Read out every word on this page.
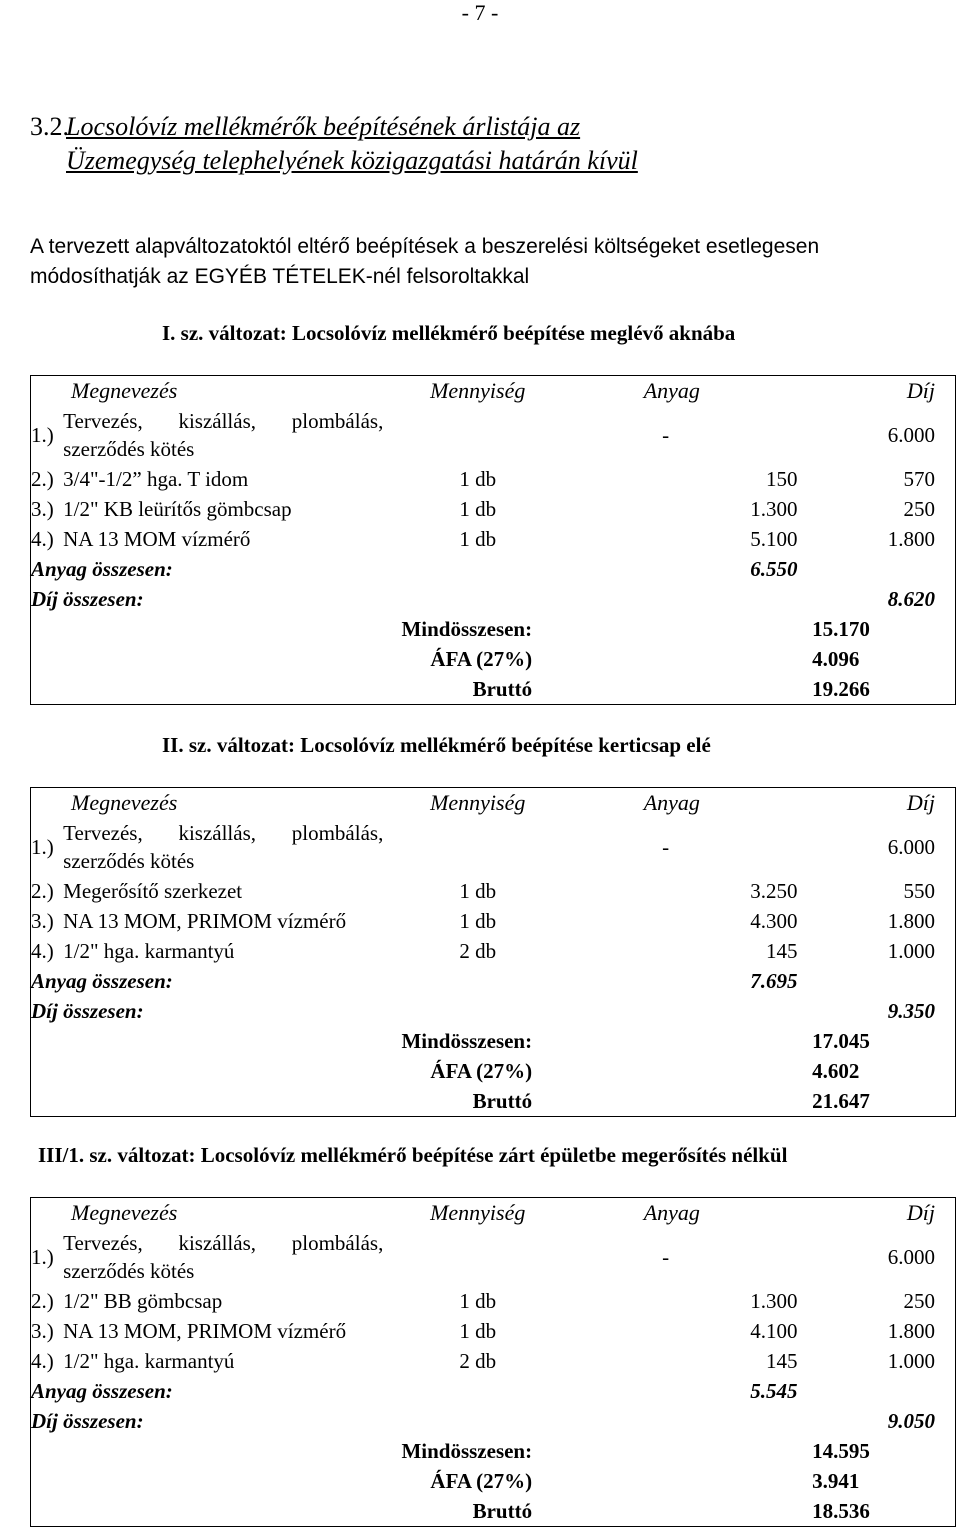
- 7 -
3.2.Locsolóvíz mellékmérők beépítésének árlistája az
Üzemegység telephelyének közigazgatási határán kívül
A tervezett alapváltozatoktól eltérő beépítések a beszerelési költségeket esetlegesen módosíthatják az EGYÉB TÉTELEK-nél felsoroltakkal
I. sz. változat: Locsolóvíz mellékmérő beépítése meglévő aknába
Megnevezés		Mennyiség	Anyag	Díj
1.)	Tervezés, kiszállás, plombálás,
szerződés kötés		-	6.000
2.)	3/4"-1/2” hga. T idom	1 db	150	570
3.)	1/2" KB leürítős gömbcsap	1 db	1.300	250
4.)	NA 13 MOM vízmérő	1 db	5.100	1.800
Anyag összesen:			6.550	
Díj összesen:				8.620
Mindösszesen:			15.170	
ÁFA (27%)			4.096	
Bruttó			19.266	
II. sz. változat: Locsolóvíz mellékmérő beépítése kerticsap elé
Megnevezés		Mennyiség	Anyag	Díj
1.)	Tervezés, kiszállás, plombálás,
szerződés kötés		-	6.000
2.)	Megerősítő szerkezet	1 db	3.250	550
3.)	NA 13 MOM, PRIMOM vízmérő	1 db	4.300	1.800
4.)	1/2" hga. karmantyú	2 db	145	1.000
Anyag összesen:			7.695	
Díj összesen:				9.350
Mindösszesen:			17.045	
ÁFA (27%)			4.602	
Bruttó			21.647	
III/1. sz. változat: Locsolóvíz mellékmérő beépítése zárt épületbe megerősítés nélkül
Megnevezés		Mennyiség	Anyag	Díj
1.)	Tervezés, kiszállás, plombálás,
szerződés kötés		-	6.000
2.)	1/2" BB gömbcsap	1 db	1.300	250
3.)	NA 13 MOM, PRIMOM vízmérő	1 db	4.100	1.800
4.)	1/2" hga. karmantyú	2 db	145	1.000
Anyag összesen:			5.545	
Díj összesen:				9.050
Mindösszesen:			14.595	
ÁFA (27%)			3.941	
Bruttó			18.536	
